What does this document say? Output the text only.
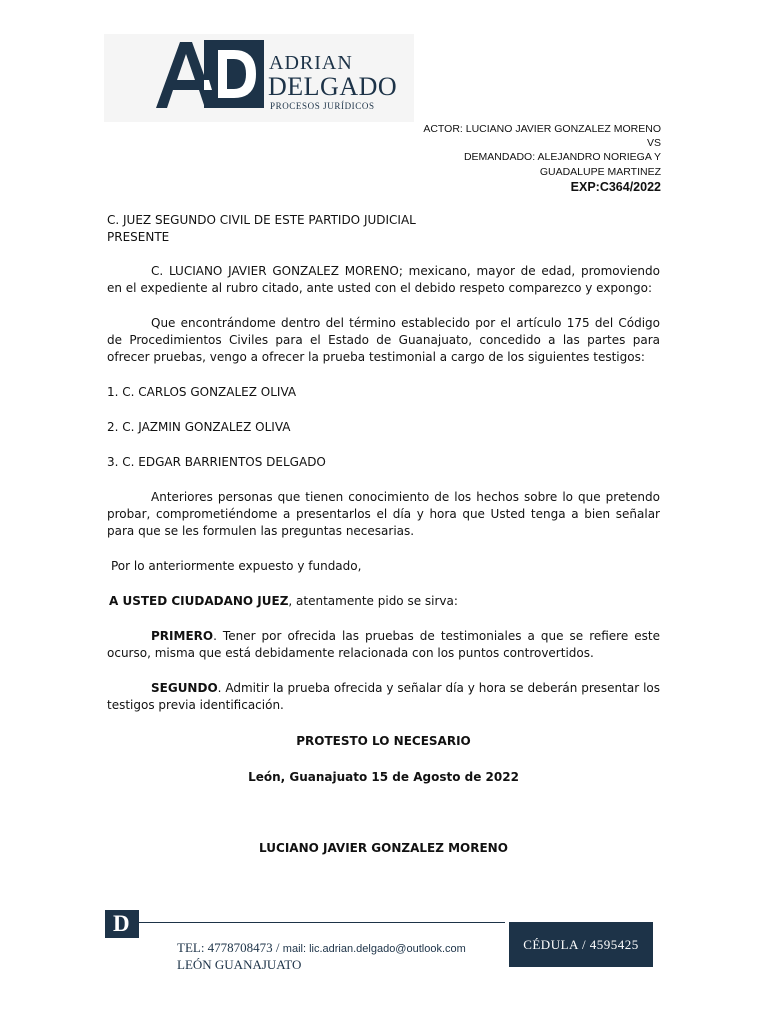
ADRIAN
DELGADO
PROCESOS JURÍDICOS
ACTOR: LUCIANO JAVIER GONZALEZ MORENO
VS
DEMANDADO: ALEJANDRO NORIEGA Y
GUADALUPE MARTINEZ
EXP:C364/2022

C. JUEZ SEGUNDO CIVIL DE ESTE PARTIDO JUDICIAL

PRESENTE

C. LUCIANO JAVIER GONZALEZ MORENO; mexicano, mayor de edad, promoviendo en el expediente al rubro citado, ante usted con el debido respeto comparezco y expongo:

Que encontrándome dentro del término establecido por el artículo 175 del Código de Procedimientos Civiles para el Estado de Guanajuato, concedido a las partes para ofrecer pruebas, vengo a ofrecer la prueba testimonial a cargo de los siguientes testigos:

1. C. CARLOS GONZALEZ OLIVA

2. C. JAZMIN GONZALEZ OLIVA

3. C. EDGAR BARRIENTOS DELGADO

Anteriores personas que tienen conocimiento de los hechos sobre lo que pretendo probar, comprometiéndome a presentarlos el día y hora que Usted tenga a bien señalar para que se les formulen las preguntas necesarias.

Por lo anteriormente expuesto y fundado,

A USTED CIUDADANO JUEZ, atentamente pido se sirva:

PRIMERO. Tener por ofrecida las pruebas de testimoniales a que se refiere este ocurso, misma que está debidamente relacionada con los puntos controvertidos.

SEGUNDO. Admitir la prueba ofrecida y señalar día y hora se deberán presentar los testigos previa identificación.

PROTESTO LO NECESARIO

León, Guanajuato 15 de Agosto de 2022

LUCIANO JAVIER GONZALEZ MORENO

D
TEL: 4778708473 / mail: lic.adrian.delgado@outlook.com
LEÓN GUANAJUATO
CÉDULA / 4595425
